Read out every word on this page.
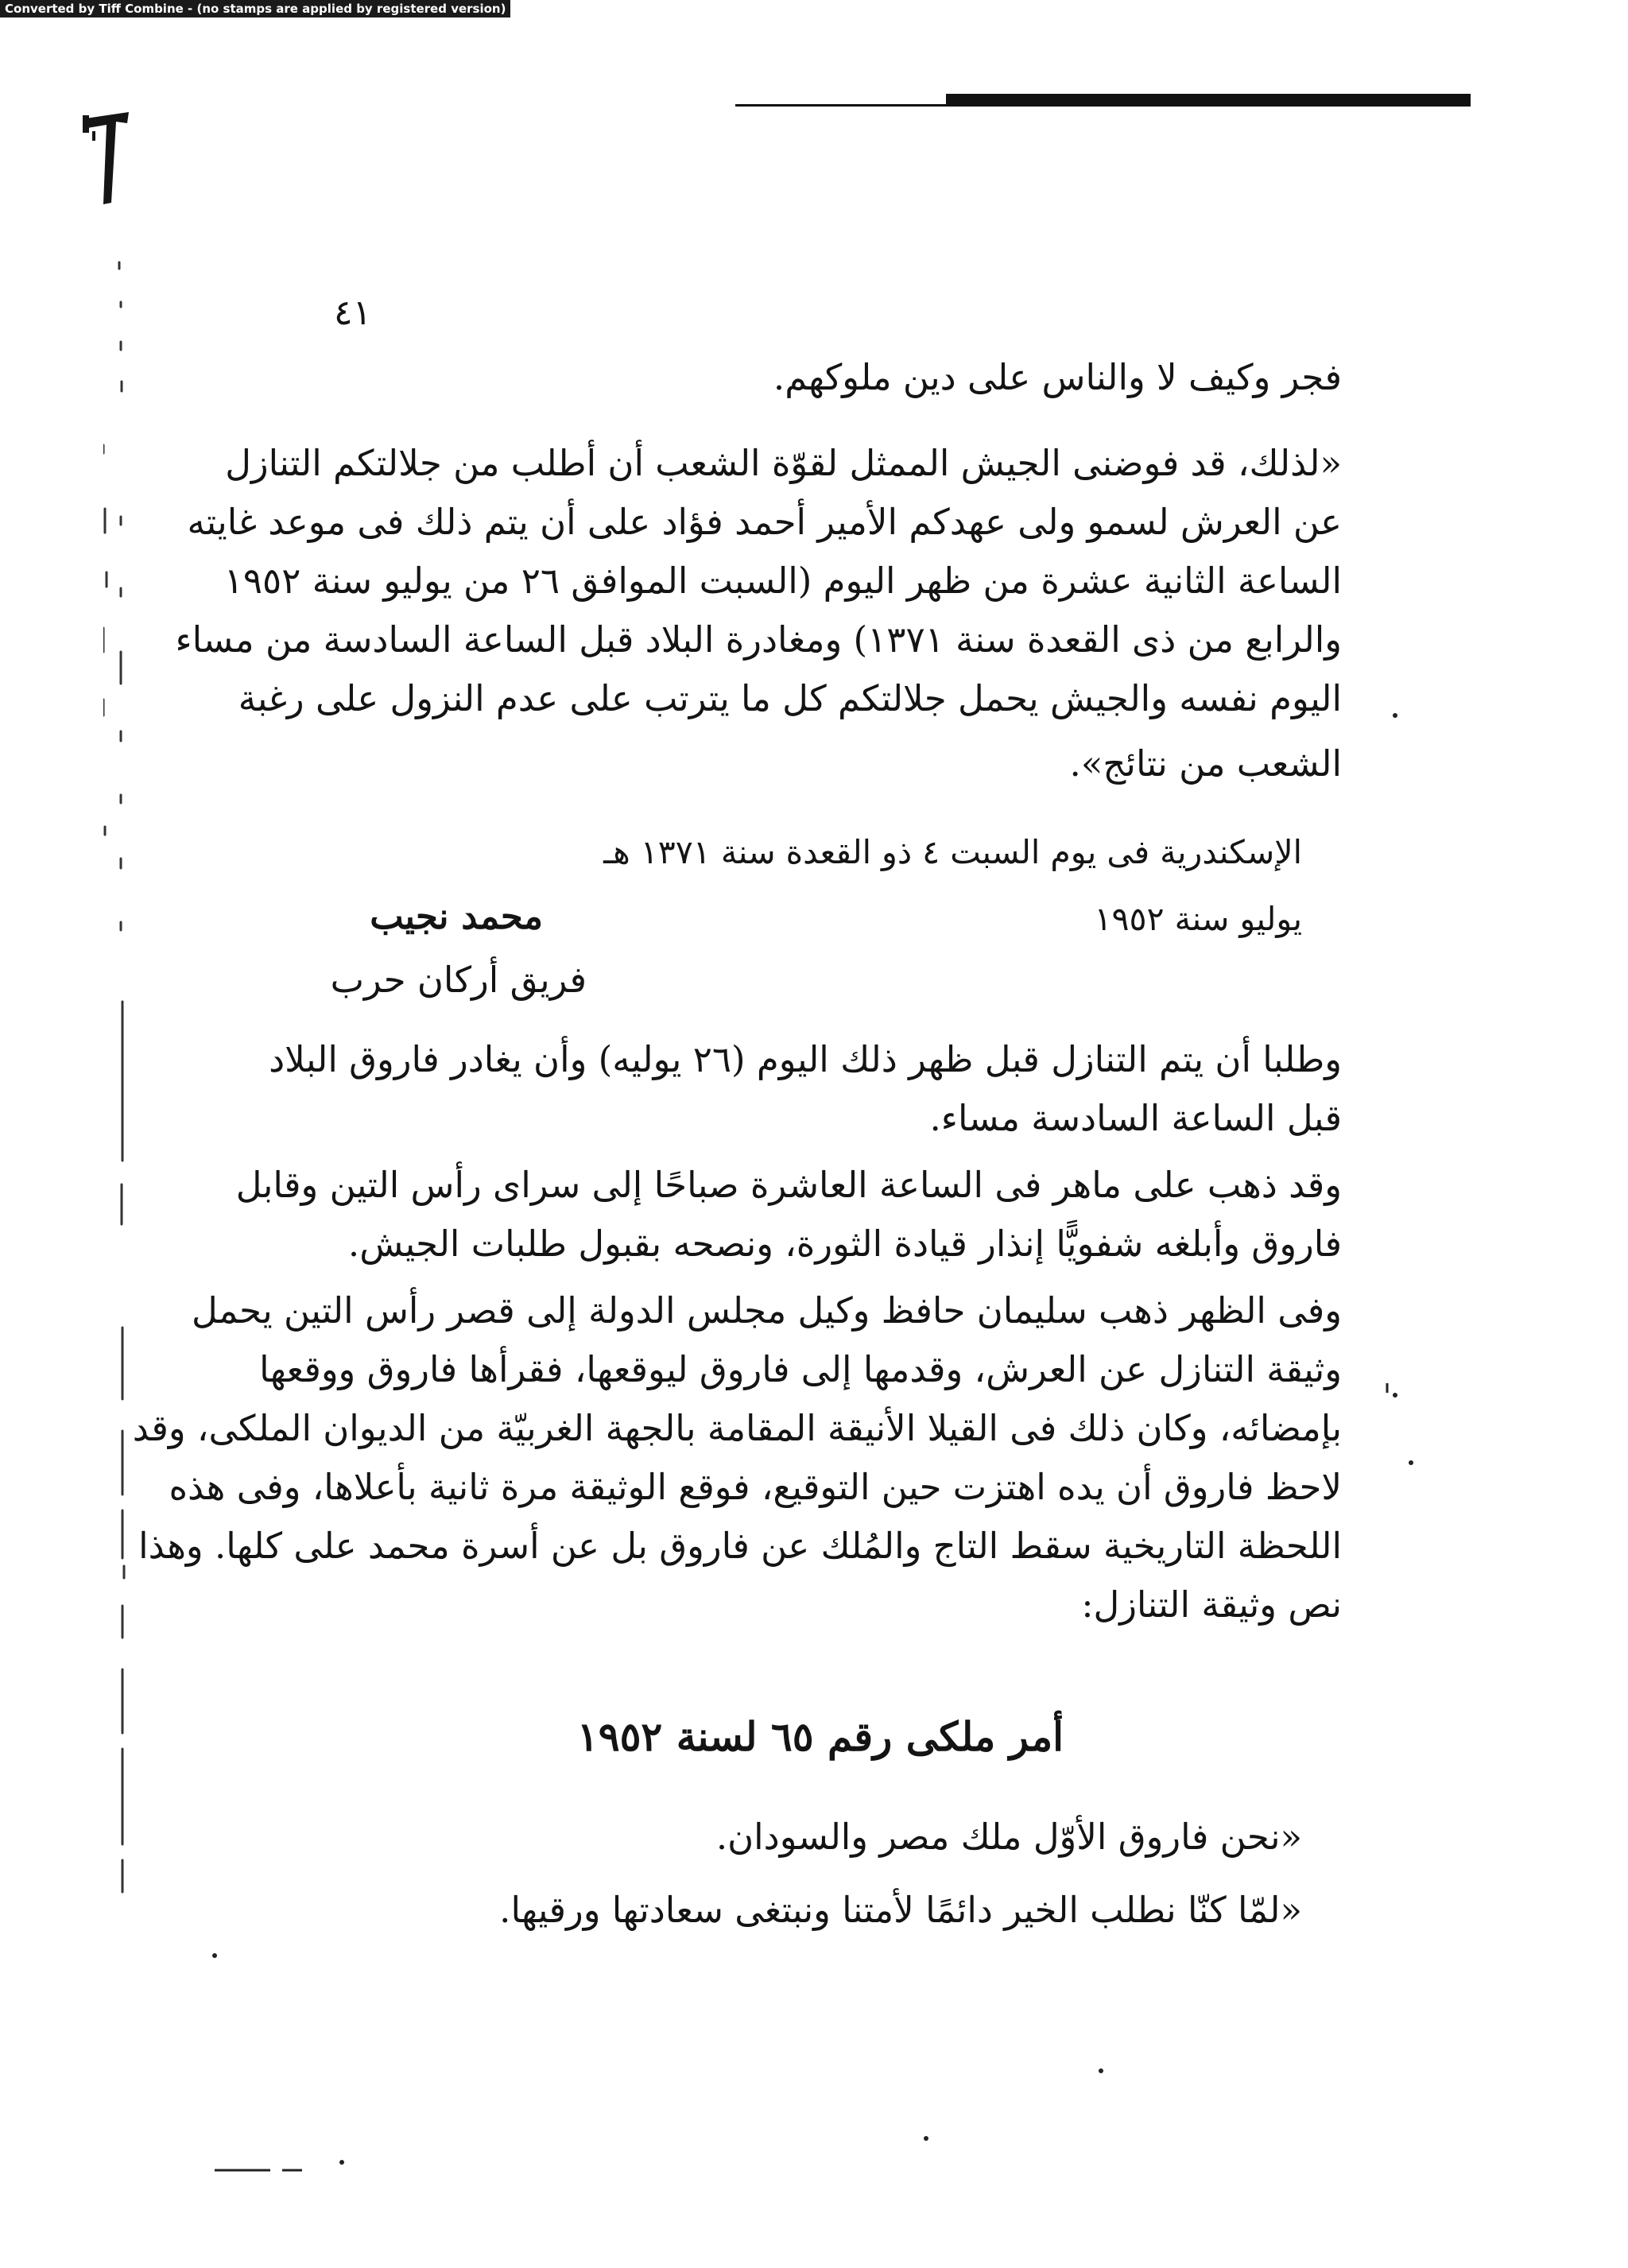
Converted by Tiff Combine - (no stamps are applied by registered version)
٤١
فجر وكيف لا والناس على دين ملوكهم.
«لذلك، قد فوضنى الجيش الممثل لقوّة الشعب أن أطلب من جلالتكم التنازل
عن العرش لسمو ولى عهدكم الأمير أحمد فؤاد على أن يتم ذلك فى موعد غايته
الساعة الثانية عشرة من ظهر اليوم (السبت الموافق ٢٦ من يوليو سنة ١٩٥٢
والرابع من ذى القعدة سنة ١٣٧١) ومغادرة البلاد قبل الساعة السادسة من مساء
اليوم نفسه والجيش يحمل جلالتكم كل ما يترتب على عدم النزول على رغبة
الشعب من نتائج».
الإسكندرية فى يوم السبت ٤ ذو القعدة سنة ١٣٧١ هـ
يوليو سنة ١٩٥٢
محمد نجيب
فريق أركان حرب
وطلبا أن يتم التنازل قبل ظهر ذلك اليوم (٢٦ يوليه) وأن يغادر فاروق البلاد
قبل الساعة السادسة مساء.
وقد ذهب على ماهر فى الساعة العاشرة صباحًا إلى سراى رأس التين وقابل
فاروق وأبلغه شفويًّا إنذار قيادة الثورة، ونصحه بقبول طلبات الجيش.
وفى الظهر ذهب سليمان حافظ وكيل مجلس الدولة إلى قصر رأس التين يحمل
وثيقة التنازل عن العرش، وقدمها إلى فاروق ليوقعها، فقرأها فاروق ووقعها
بإمضائه، وكان ذلك فى القيلا الأنيقة المقامة بالجهة الغربيّة من الديوان الملكى، وقد
لاحظ فاروق أن يده اهتزت حين التوقيع، فوقع الوثيقة مرة ثانية بأعلاها، وفى هذه
اللحظة التاريخية سقط التاج والمُلك عن فاروق بل عن أسرة محمد على كلها. وهذا
نص وثيقة التنازل:
أمر ملكى رقم ٦٥ لسنة ١٩٥٢
«نحن فاروق الأوّل ملك مصر والسودان.
«لمّا كنّا نطلب الخير دائمًا لأمتنا ونبتغى سعادتها ورقيها.
